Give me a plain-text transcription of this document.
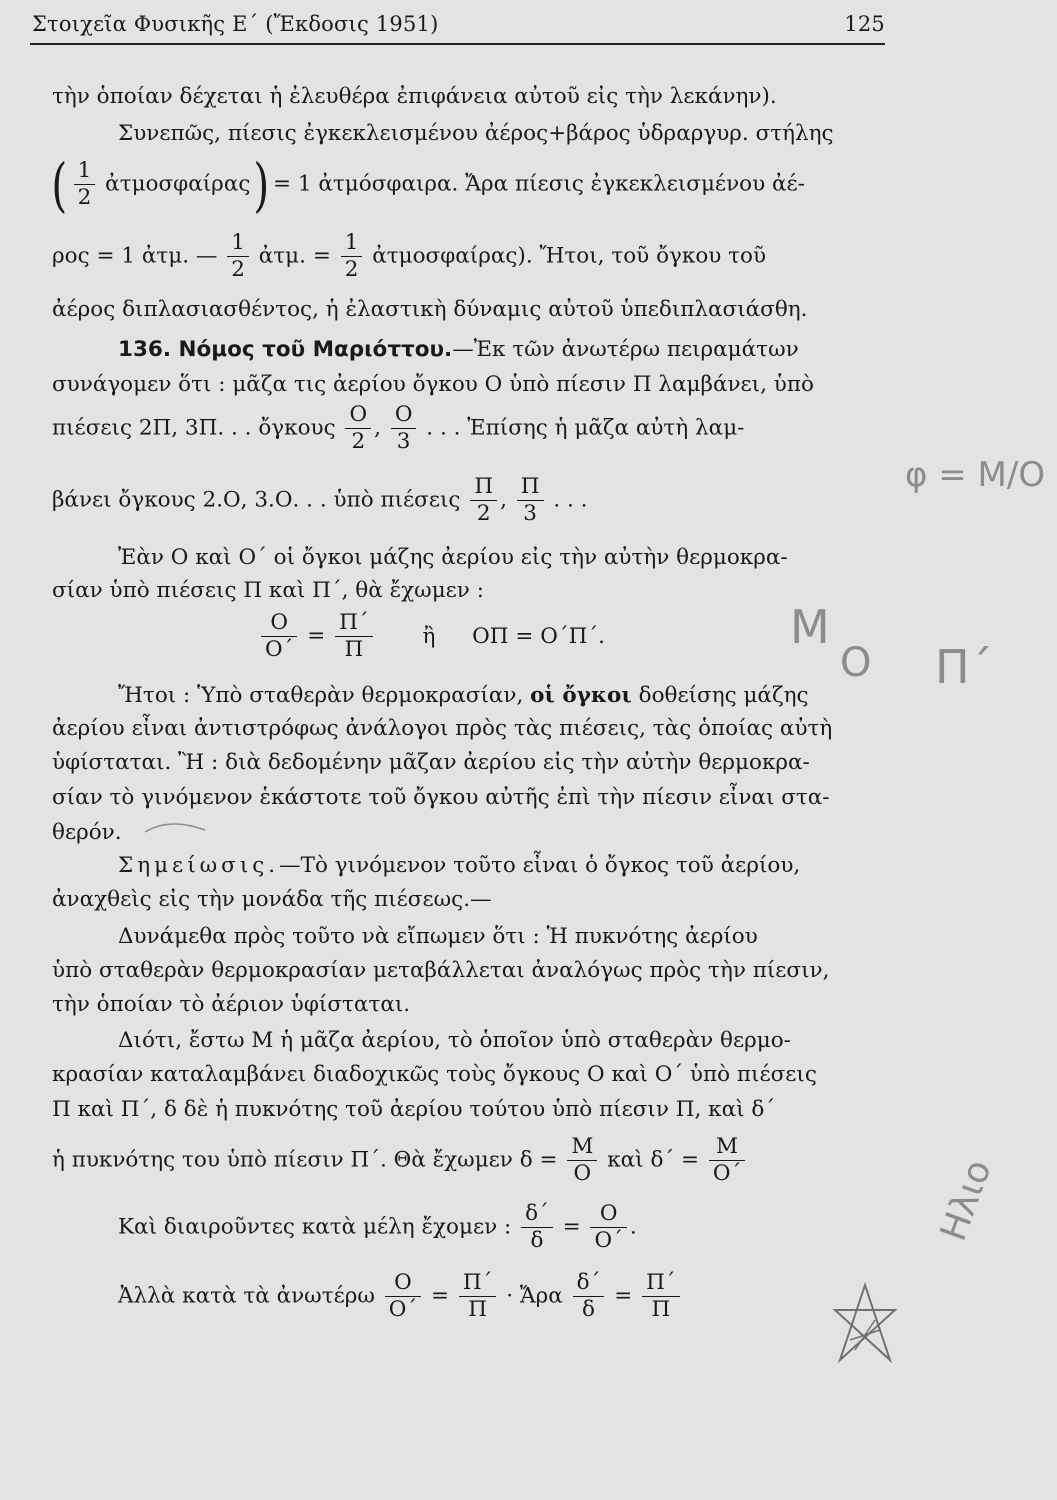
Στοιχεῖα Φυσικῆς Ε΄ (Ἔκδοσις 1951)	125
τὴν ὁποίαν δέχεται ἡ ἐλευθέρα ἐπιφάνεια αὐτοῦ εἰς τὴν λεκάνην).
Συνεπῶς, πίεσις ἐγκεκλεισμένου ἀέρος+βάρος ὑδραργυρ. στήλης
( $\frac{1}{2}$ ἀτμοσφαίρας) = 1 ἀτμόσφαιρα. Ἄρα πίεσις ἐγκεκλεισμένου ἀέ-
ρος = 1 ἀτμ. — $\frac{1}{2}$ ἀτμ. = $\frac{1}{2}$ ἀτμοσφαίρας). Ἤτοι, τοῦ ὄγκου τοῦ
ἀέρος διπλασιασθέντος, ἡ ἐλαστικὴ δύναμις αὐτοῦ ὑπεδιπλασιάσθη.
136. Νόμος τοῦ Μαριόττου.—Ἐκ τῶν ἀνωτέρω πειραμάτων
συνάγομεν ὅτι : μᾶζα τις ἀερίου ὄγκου Ο ὑπὸ πίεσιν Π λαμβάνει, ὑπὸ
πιέσεις 2Π, 3Π. . . ὄγκους $\frac{O}{2}$ , $\frac{O}{3}$ . . . Ἐπίσης ἡ μᾶζα αὐτὴ λαμ-
βάνει ὄγκους 2.Ο, 3.Ο. . . ὑπὸ πιέσεις $\frac{\Pi}{2}$ , $\frac{\Pi}{3}$ . . .
Ἐὰν Ο καὶ Ο΄ οἱ ὄγκοι μάζης ἀερίου εἰς τὴν αὐτὴν θερμοκρα-
σίαν ὑπὸ πιέσεις Π καὶ Π΄, θὰ ἔχωμεν :
$\frac{O}{O΄} = \frac{\Pi΄}{\Pi}$ ἢ ΟΠ = Ο΄Π΄.
Ἤτοι : Ὑπὸ σταθερὰν θερμοκρασίαν, οἱ ὄγκοι δοθείσης μάζης
ἀερίου εἶναι ἀντιστρόφως ἀνάλογοι πρὸς τὰς πιέσεις, τὰς ὁποίας αὐτὴ
ὑφίσταται. Ἢ : διὰ δεδομένην μᾶζαν ἀερίου εἰς τὴν αὐτὴν θερμοκρα-
σίαν τὸ γινόμενον ἑκάστοτε τοῦ ὄγκου αὐτῆς ἐπὶ τὴν πίεσιν εἶναι στα-
θερόν.
Σημείωσις.—Τὸ γινόμενον τοῦτο εἶναι ὁ ὄγκος τοῦ ἀερίου,
ἀναχθεὶς εἰς τὴν μονάδα τῆς πιέσεως.—
Δυνάμεθα πρὸς τοῦτο νὰ εἴπωμεν ὅτι : Ἡ πυκνότης ἀερίου
ὑπὸ σταθερὰν θερμοκρασίαν μεταβάλλεται ἀναλόγως πρὸς τὴν πίεσιν,
τὴν ὁποίαν τὸ ἀέριον ὑφίσταται.
Διότι, ἔστω Μ ἡ μᾶζα ἀερίου, τὸ ὁποῖον ὑπὸ σταθερὰν θερμο-
κρασίαν καταλαμβάνει διαδοχικῶς τοὺς ὄγκους Ο καὶ Ο΄ ὑπὸ πιέσεις
Π καὶ Π΄, δ δὲ ἡ πυκνότης τοῦ ἀερίου τούτου ὑπὸ πίεσιν Π, καὶ δ΄
ἡ πυκνότης του ὑπὸ πίεσιν Π΄. Θὰ ἔχωμεν $\delta = \frac{M}{O}$ καὶ $\delta΄ = \frac{M}{O΄}$
Καὶ διαιροῦντες κατὰ μέλη ἔχομεν : $\frac{\delta΄}{\delta} = \frac{O}{O΄}$ .
Ἀλλὰ κατὰ τὰ ἀνωτέρω $\frac{O}{O΄} = \frac{\Pi΄}{\Pi}$ · Ἄρα $\frac{\delta΄}{\delta} = \frac{\Pi΄}{\Pi}$
φ = Μ/Ο
Μ
Ο Π΄
Ηλιο
